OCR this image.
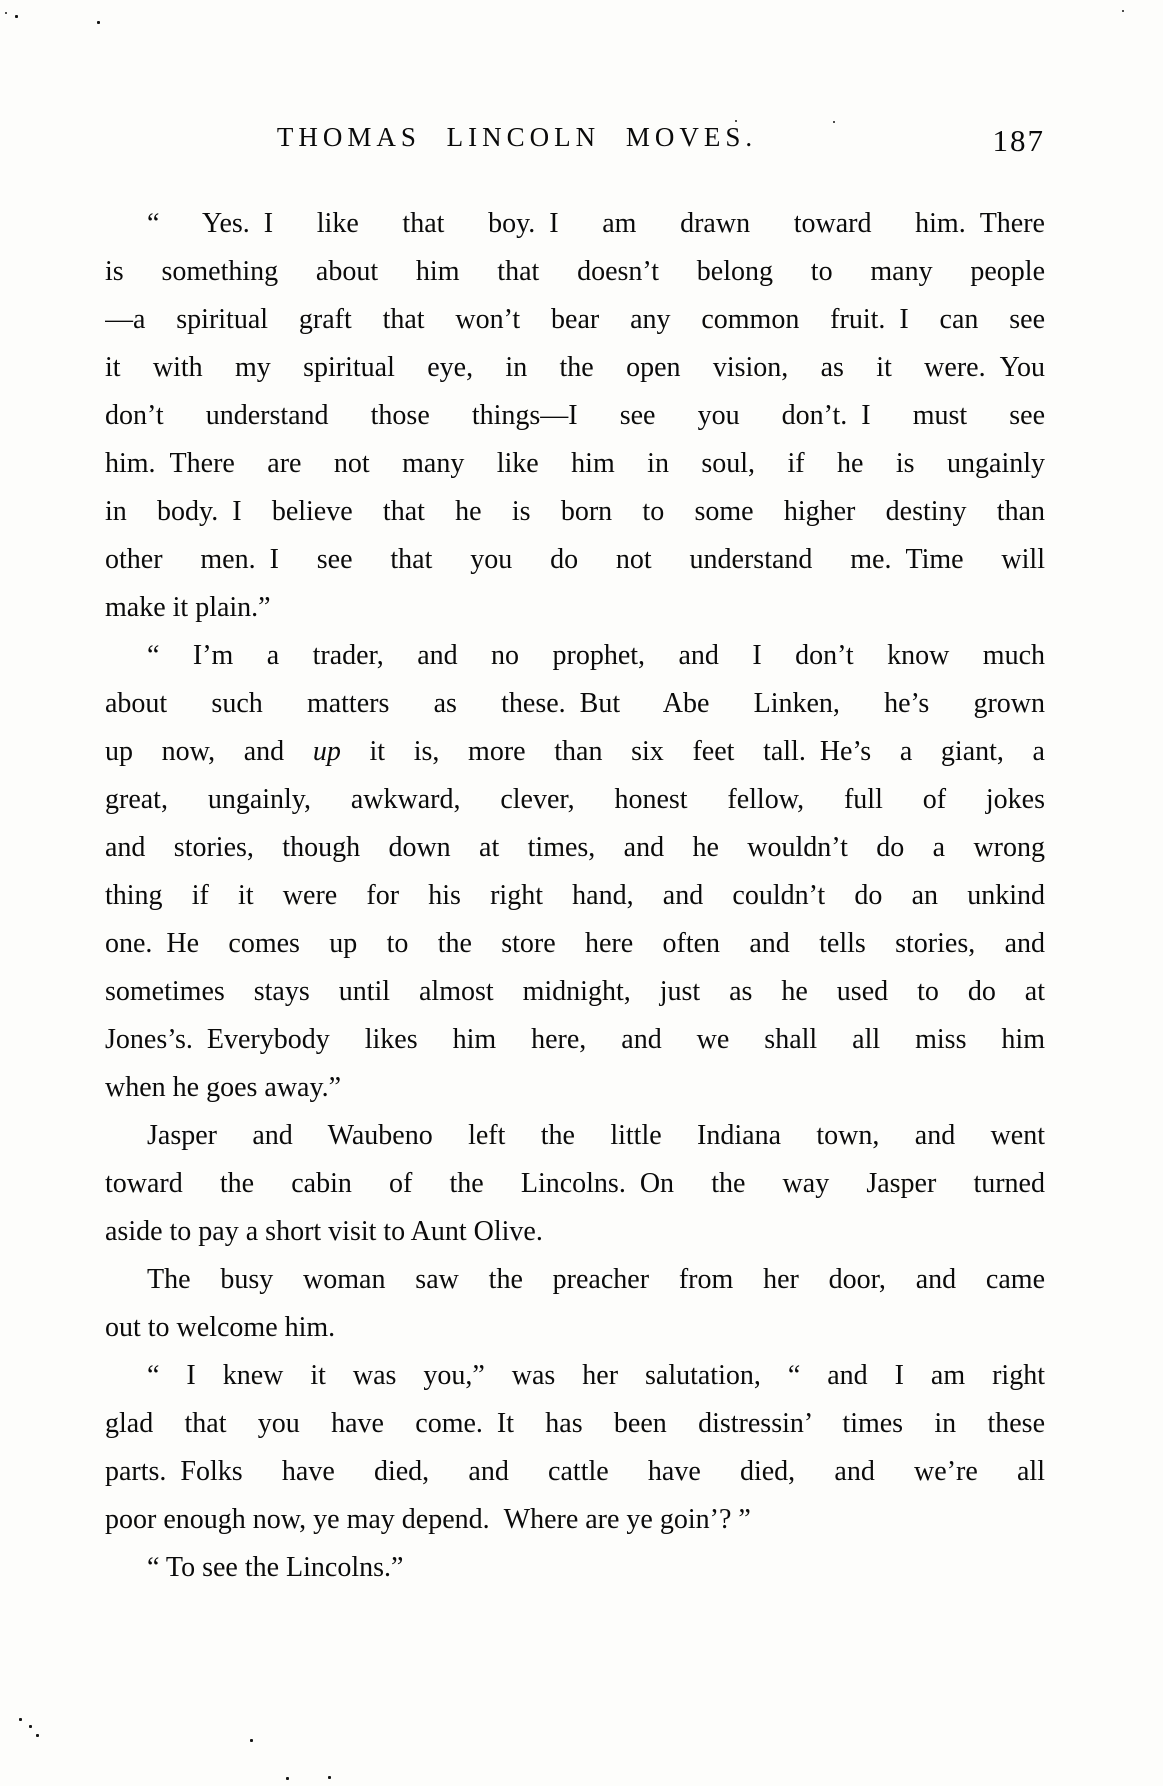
THOMAS LINCOLN MOVES.	187
“ Yes. I like that boy. I am drawn toward him. There
is something about him that doesn’t belong to many people
—a spiritual graft that won’t bear any common fruit. I can see
it with my spiritual eye, in the open vision, as it were. You
don’t understand those things—I see you don’t. I must see
him. There are not many like him in soul, if he is ungainly
in body. I believe that he is born to some higher destiny than
other men. I see that you do not understand me. Time will
make it plain.”
“ I’m a trader, and no prophet, and I don’t know much
about such matters as these. But Abe Linken, he’s grown
up now, and up it is, more than six feet tall. He’s a giant, a
great, ungainly, awkward, clever, honest fellow, full of jokes
and stories, though down at times, and he wouldn’t do a wrong
thing if it were for his right hand, and couldn’t do an unkind
one. He comes up to the store here often and tells stories, and
sometimes stays until almost midnight, just as he used to do at
Jones’s. Everybody likes him here, and we shall all miss him
when he goes away.”
Jasper and Waubeno left the little Indiana town, and went
toward the cabin of the Lincolns. On the way Jasper turned
aside to pay a short visit to Aunt Olive.
The busy woman saw the preacher from her door, and came
out to welcome him.
“ I knew it was you,” was her salutation, “ and I am right
glad that you have come. It has been distressin’ times in these
parts. Folks have died, and cattle have died, and we’re all
poor enough now, ye may depend. Where are ye goin’? ”
“ To see the Lincolns.”
